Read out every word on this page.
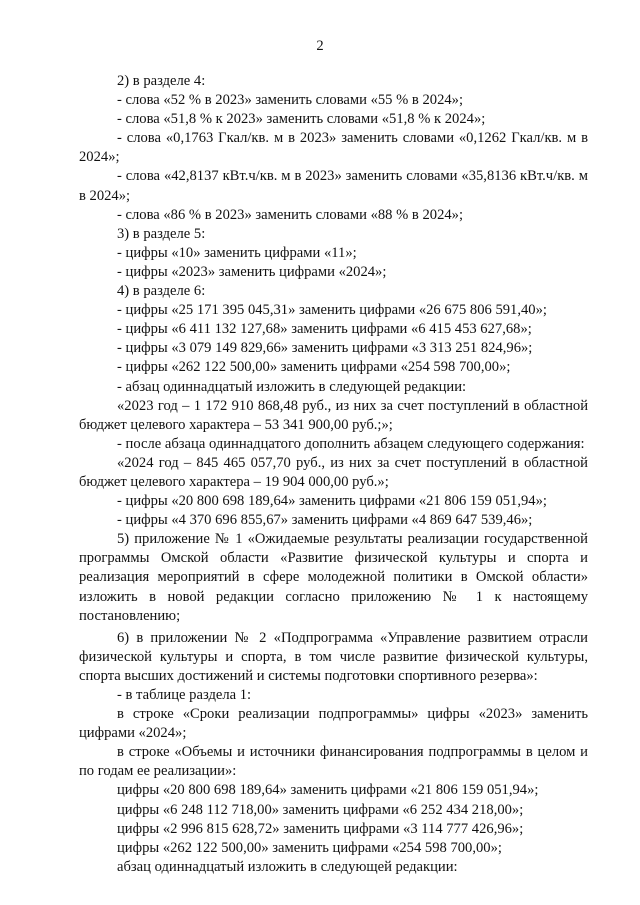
2

2) в разделе 4:

- слова «52 % в 2023» заменить словами «55 % в 2024»;

- слова «51,8 % к 2023» заменить словами «51,8 % к 2024»;

- слова «0,1763 Гкал/кв. м в 2023» заменить словами «0,1262 Гкал/кв. м в 2024»;

- слова «42,8137 кВт.ч/кв. м в 2023» заменить словами «35,8136 кВт.ч/кв. м в 2024»;

- слова «86 % в 2023» заменить словами «88 % в 2024»;

3) в разделе 5:

- цифры «10» заменить цифрами «11»;

- цифры «2023» заменить цифрами «2024»;

4) в разделе 6:

- цифры «25 171 395 045,31» заменить цифрами «26 675 806 591,40»;

- цифры «6 411 132 127,68» заменить цифрами «6 415 453 627,68»;

- цифры «3 079 149 829,66» заменить цифрами «3 313 251 824,96»;

- цифры «262 122 500,00» заменить цифрами «254 598 700,00»;

- абзац одиннадцатый изложить в следующей редакции:

«2023 год – 1 172 910 868,48 руб., из них за счет поступлений в областной бюджет целевого характера – 53 341 900,00 руб.;»;

- после абзаца одиннадцатого дополнить абзацем следующего содержания:

«2024 год – 845 465 057,70 руб., из них за счет поступлений в областной бюджет целевого характера – 19 904 000,00 руб.»;

- цифры «20 800 698 189,64» заменить цифрами «21 806 159 051,94»;

- цифры «4 370 696 855,67» заменить цифрами «4 869 647 539,46»;

5) приложение № 1 «Ожидаемые результаты реализации государственной программы Омской области «Развитие физической культуры и спорта и реализация мероприятий в сфере молодежной политики в Омской области» изложить в новой редакции согласно приложению № 1 к настоящему постановлению;

6) в приложении № 2 «Подпрограмма «Управление развитием отрасли физической культуры и спорта, в том числе развитие физической культуры, спорта высших достижений и системы подготовки спортивного резерва»:

- в таблице раздела 1:

в строке «Сроки реализации подпрограммы» цифры «2023» заменить цифрами «2024»;

в строке «Объемы и источники финансирования подпрограммы в целом и по годам ее реализации»:

цифры «20 800 698 189,64» заменить цифрами «21 806 159 051,94»;

цифры «6 248 112 718,00» заменить цифрами «6 252 434 218,00»;

цифры «2 996 815 628,72» заменить цифрами «3 114 777 426,96»;

цифры «262 122 500,00» заменить цифрами «254 598 700,00»;

абзац одиннадцатый изложить в следующей редакции:
